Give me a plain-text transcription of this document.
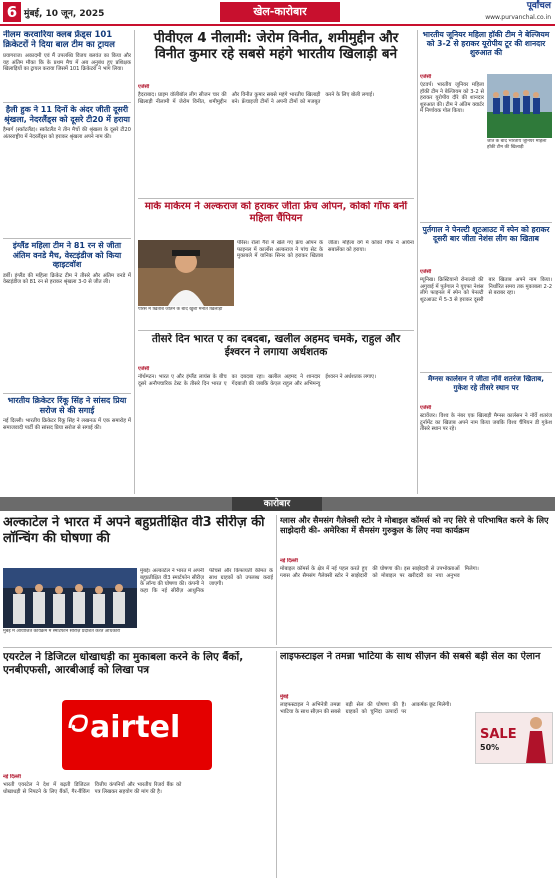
6 मुंबई, 10 जून, 2025	खेल-कारोबार	पूर्वांचल
www.purvanchal.co.in
नीलम करवारिया क्लब फ्रेंड्स 101 क्रिकेटरों ने दिया बाल टीम का ट्रायल
प्रयागराज। अकादमी एवं मैं उपलब्धि विजय बलवंत का किया और यह अंतिम मौका कि के प्रथम मैच में अब अनुबंध हुए प्रशिक्षक खिलाड़ियों का ट्रायल कराया जिसमें 101 क्रिकेटरों ने भाग लिया।
हैली हुक ने 11 दिनों के अंदर जीती दूसरी श्रृंखला, नेदरलैंड्स को दूसरे टी20 में हराया
हैम्बर्ग (स्कॉटलैंड)। स्कॉटलैंड ने तीन मैचों की श्रृंखला के दूसरे टी20 अंतरराष्ट्रीय में नेदरलैंड्स को हराकर श्रृंखला अपने नाम की।
इंग्लैंड महिला टीम ने 81 रन से जीता अंतिम वनडे मैच, वेस्टइंडीज को किया व्हाइटवॉश
डर्बी। इंग्लैंड की महिला क्रिकेट टीम ने तीसरे और अंतिम वनडे में वेस्टइंडीज को 81 रन से हराकर श्रृंखला 3-0 से जीत ली।
भारतीय क्रिकेटर रिंकू सिंह ने सांसद प्रिया सरोज से की सगाई
नई दिल्ली। भारतीय क्रिकेटर रिंकू सिंह ने लखनऊ में एक समारोह में समाजवादी पार्टी की सांसद प्रिया सरोज से सगाई की।
पीवीएल 4 नीलामी: जेरोम विनीत, शमीमुद्दीन और विनीत कुमार रहे सबसे महंगे भारतीय खिलाड़ी बने
एजेंसी
हैदराबाद। प्राइम वॉलीबॉल लीग सीजन चार की खिलाड़ी नीलामी में जेरोम विनीत, शमीमुद्दीन और विनीत कुमार सबसे महंगे भारतीय खिलाड़ी बने। फ्रेंचाइजी टीमों ने अपनी टीमों को मजबूत करने के लिए बोली लगाई।
मार्क मार्करम ने अल्कराज को हराकर जीता फ्रेंच ओपन, कोको गॉफ बनीं महिला चैंपियन
पेरिस में खिताब जीतने के बाद खुशी मनाते खिलाड़ी
पेरिस। रोलां गैरां में खेले गए फ्रेंच ओपन के फाइनल में कार्लोस अल्कराज ने पांच सेट के मुकाबले में यानिक सिनर को हराकर खिताब जीता। महिला वर्ग में कोको गॉफ ने आर्यना सबालेंका को हराया।
तीसरे दिन भारत ए का दबदबा, खलील अहमद चमके, राहुल और ईश्वरन ने लगाया अर्धशतक
एजेंसी
नॉर्थम्प्टन। भारत ए और इंग्लैंड लायंस के बीच दूसरे अनौपचारिक टेस्ट के तीसरे दिन भारत ए का दबदबा रहा। खलील अहमद ने शानदार गेंदबाजी की जबकि केएल राहुल और अभिमन्यु ईश्वरन ने अर्धशतक लगाए।
भारतीय जूनियर महिला हॉकी टीम ने बेल्जियम को 3-2 से हराकर यूरोपीय टूर की शानदार शुरुआत की
एजेंसी
एंटवर्प। भारतीय जूनियर महिला हॉकी टीम ने बेल्जियम को 3-2 से हराकर यूरोपीय दौरे की शानदार शुरुआत की। टीम ने अंतिम क्वार्टर में निर्णायक गोल किया।
जीत के बाद भारतीय जूनियर महिला हॉकी टीम की खिलाड़ी
पुर्तगाल ने पेनल्टी शूटआउट में स्पेन को हराकर दूसरी बार जीता नेशंस लीग का खिताब
एजेंसी
म्यूनिख। क्रिस्टियानो रोनाल्डो की अगुवाई में पुर्तगाल ने यूएफा नेशंस लीग फाइनल में स्पेन को पेनल्टी शूटआउट में 5-3 से हराकर दूसरी बार खिताब अपने नाम किया। निर्धारित समय तक मुकाबला 2-2 से बराबर रहा।
मैग्नस कार्लसन ने जीता नॉर्वे शतरंज खिताब, गुकेश रहे तीसरे स्थान पर
एजेंसी
स्टावेंजर। विश्व के नंबर एक खिलाड़ी मैग्नस कार्लसन ने नॉर्वे शतरंज टूर्नामेंट का खिताब अपने नाम किया जबकि विश्व चैंपियन डी गुकेश तीसरे स्थान पर रहे।
कारोबार
अल्काटेल ने भारत में अपने बहुप्रतीक्षित वी3 सीरीज़ की लॉन्चिंग की घोषणा की
मुंबई में आयोजित कार्यक्रम में स्मार्टफोन सीरीज़ प्रदर्शित करते अधिकारी
मुंबई। अल्काटेल ने भारत में अपनी बहुप्रतीक्षित वी3 स्मार्टफोन सीरीज़ के लॉन्च की घोषणा की। कंपनी ने कहा कि नई सीरीज़ आधुनिक फीचर्स और किफायती कीमत के साथ ग्राहकों को उपलब्ध कराई जाएगी।
ग्लास और सैमसंग गैलेक्सी स्टोर ने मोबाइल कॉमर्स को नए सिरे से परिभाषित करने के लिए साझेदारी की- अमेरिका में सैमसंग गुरुकुल के लिए नया कार्यक्रम
नई दिल्ली
मोबाइल कॉमर्स के क्षेत्र में नई पहल करते हुए ग्लास और सैमसंग गैलेक्सी स्टोर ने साझेदारी की घोषणा की। इस साझेदारी से उपभोक्ताओं को मोबाइल पर खरीदारी का नया अनुभव मिलेगा।
एयरटेल ने डिजिटल धोखाधड़ी का मुकाबला करने के लिए बैंकों, एनबीएफसी, आरबीआई को लिखा पत्र
airtel
नई दिल्ली
भारती एयरटेल ने देश में बढ़ती डिजिटल धोखाधड़ी से निपटने के लिए बैंकों, गैर-बैंकिंग वित्तीय कंपनियों और भारतीय रिजर्व बैंक को पत्र लिखकर सहयोग की मांग की है।
लाइफस्टाइल ने तमन्ना भाटिया के साथ सीज़न की सबसे बड़ी सेल का ऐलान
मुंबई
लाइफस्टाइल ने अभिनेत्री तमन्ना भाटिया के साथ सीज़न की सबसे बड़ी सेल की घोषणा की है। ग्राहकों को चुनिंदा उत्पादों पर आकर्षक छूट मिलेगी।
SALE
50%
